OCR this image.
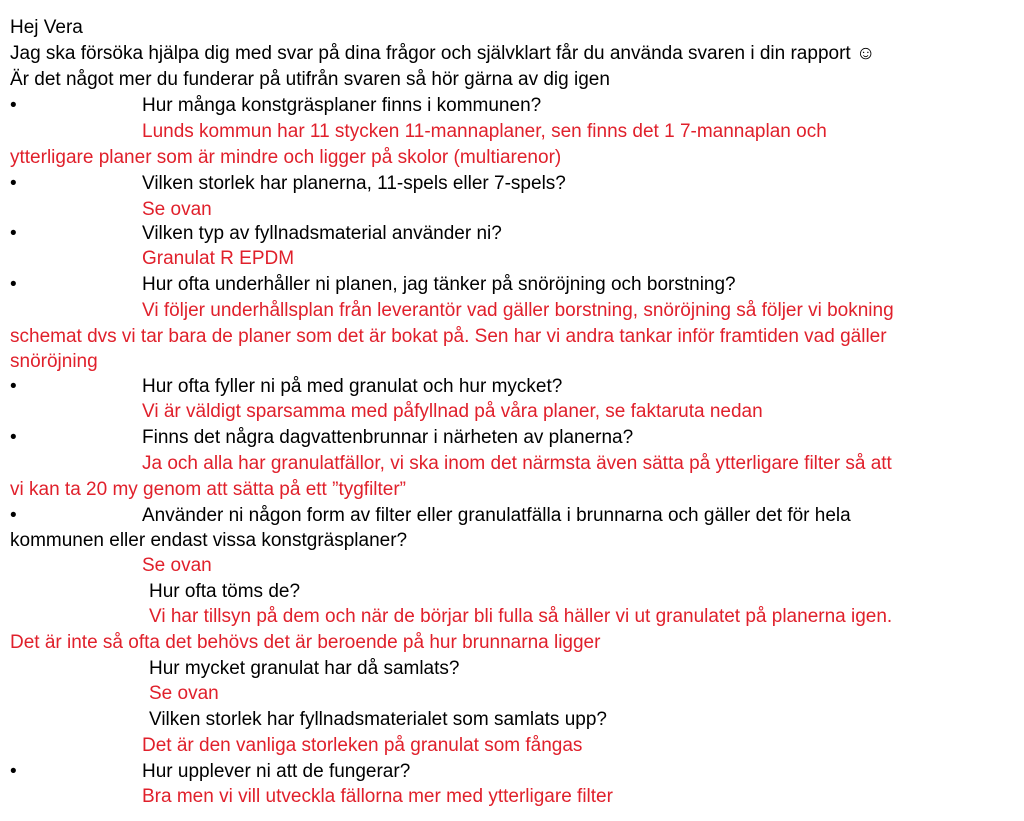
Hej Vera
Jag ska försöka hjälpa dig med svar på dina frågor och självklart får du använda svaren i din rapport ☺
Är det något mer du funderar på utifrån svaren så hör gärna av dig igen
•	Hur många konstgräsplaner finns i kommunen?
Lunds kommun har 11 stycken 11-mannaplaner, sen finns det 1 7-mannaplan och
ytterligare planer som är mindre och ligger på skolor (multiarenor)
•	Vilken storlek har planerna, 11-spels eller 7-spels?
Se ovan
•	Vilken typ av fyllnadsmaterial använder ni?
Granulat R EPDM
•	Hur ofta underhåller ni planen, jag tänker på snöröjning och borstning?
Vi följer underhållsplan från leverantör vad gäller borstning, snöröjning så följer vi bokning
schemat dvs vi tar bara de planer som det är bokat på. Sen har vi andra tankar inför framtiden vad gäller
snöröjning
•	Hur ofta fyller ni på med granulat och hur mycket?
Vi är väldigt sparsamma med påfyllnad på våra planer, se faktaruta nedan
•	Finns det några dagvattenbrunnar i närheten av planerna?
Ja och alla har granulatfällor, vi ska inom det närmsta även sätta på ytterligare filter så att
vi kan ta 20 my genom att sätta på ett ”tygfilter”
•	Använder ni någon form av filter eller granulatfälla i brunnarna och gäller det för hela
kommunen eller endast vissa konstgräsplaner?
Se ovan
Hur ofta töms de?
Vi har tillsyn på dem och när de börjar bli fulla så häller vi ut granulatet på planerna igen.
Det är inte så ofta det behövs det är beroende på hur brunnarna ligger
Hur mycket granulat har då samlats?
Se ovan
Vilken storlek har fyllnadsmaterialet som samlats upp?
Det är den vanliga storleken på granulat som fångas
•	Hur upplever ni att de fungerar?
Bra men vi vill utveckla fällorna mer med ytterligare filter
